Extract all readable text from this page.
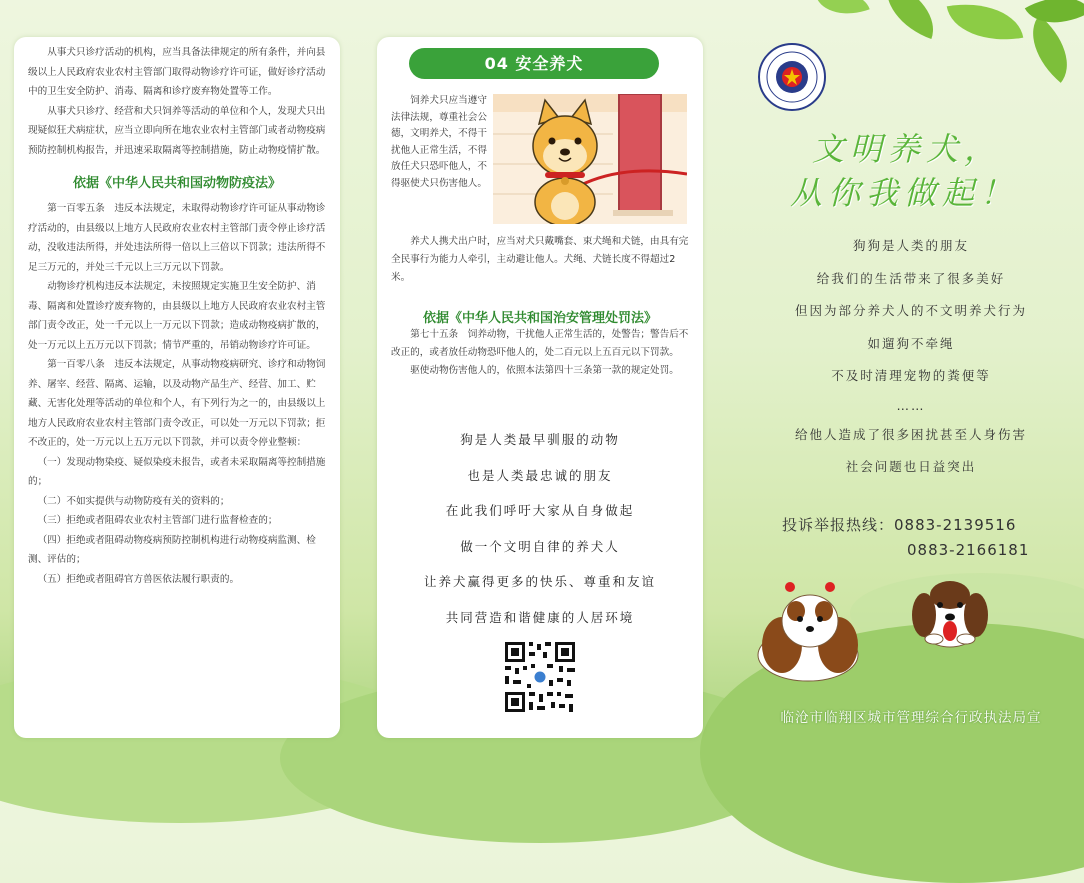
从事犬只诊疗活动的机构，应当具备法律规定的所有条件，并向县级以上人民政府农业农村主管部门取得动物诊疗许可证，做好诊疗活动中的卫生安全防护、消毒、隔离和诊疗废弃物处置等工作。

从事犬只诊疗、经营和犬只饲养等活动的单位和个人，发现犬只出现疑似狂犬病症状，应当立即向所在地农业农村主管部门或者动物疫病预防控制机构报告，并迅速采取隔离等控制措施，防止动物疫情扩散。

依据《中华人民共和国动物防疫法》

第一百零五条　违反本法规定，未取得动物诊疗许可证从事动物诊疗活动的，由县级以上地方人民政府农业农村主管部门责令停止诊疗活动，没收违法所得，并处违法所得一倍以上三倍以下罚款；违法所得不足三万元的，并处三千元以上三万元以下罚款。

动物诊疗机构违反本法规定，未按照规定实施卫生安全防护、消毒、隔离和处置诊疗废弃物的，由县级以上地方人民政府农业农村主管部门责令改正，处一千元以上一万元以下罚款；造成动物疫病扩散的，处一万元以上五万元以下罚款；情节严重的，吊销动物诊疗许可证。

第一百零八条　违反本法规定，从事动物疫病研究、诊疗和动物饲养、屠宰、经营、隔离、运输，以及动物产品生产、经营、加工、贮藏、无害化处理等活动的单位和个人，有下列行为之一的，由县级以上地方人民政府农业农村主管部门责令改正，可以处一万元以下罚款；拒不改正的，处一万元以上五万元以下罚款，并可以责令停业整顿：

（一）发现动物染疫、疑似染疫未报告，或者未采取隔离等控制措施的；

（二）不如实提供与动物防疫有关的资料的；

（三）拒绝或者阻碍农业农村主管部门进行监督检查的；

（四）拒绝或者阻碍动物疫病预防控制机构进行动物疫病监测、检测、评估的；

（五）拒绝或者阻碍官方兽医依法履行职责的。

04 安全养犬

饲养犬只应当遵守法律法规，尊重社会公德，文明养犬，不得干扰他人正常生活，不得放任犬只恐吓他人，不得驱使犬只伤害他人。

养犬人携犬出户时，应当对犬只戴嘴套、束犬绳和犬链，由具有完全民事行为能力人牵引，主动避让他人。犬绳、犬链长度不得超过2米。

依据《中华人民共和国治安管理处罚法》

第七十五条　饲养动物，干扰他人正常生活的，处警告；警告后不改正的，或者放任动物恐吓他人的，处二百元以上五百元以下罚款。

驱使动物伤害他人的，依照本法第四十三条第一款的规定处罚。

狗是人类最早驯服的动物
也是人类最忠诚的朋友
在此我们呼吁大家从自身做起
做一个文明自律的养犬人
让养犬赢得更多的快乐、尊重和友谊
共同营造和谐健康的人居环境
文明养犬，
从你我做起！
狗狗是人类的朋友
给我们的生活带来了很多美好
但因为部分养犬人的不文明养犬行为
如遛狗不牵绳
不及时清理宠物的粪便等
……
给他人造成了很多困扰甚至人身伤害
社会问题也日益突出
投诉举报热线：0883-2139516
0883-2166181
临沧市临翔区城市管理综合行政执法局宣
